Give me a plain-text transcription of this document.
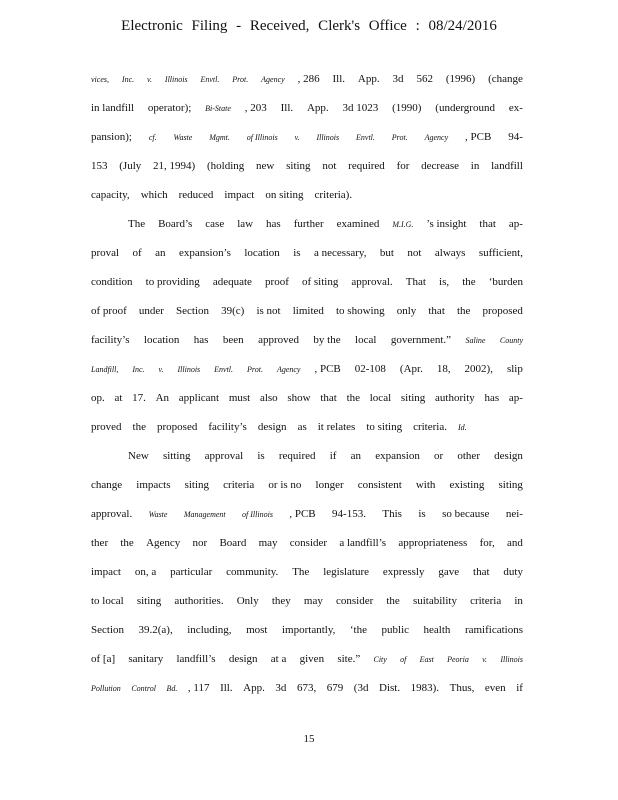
Electronic Filing - Received, Clerk's Office : 08/24/2016
vices, Inc. v. Illinois Envtl. Prot. Agency , 286 Ill. App. 3d 562 (1996) (change
in landfill operator); Bi-State , 203 Ill. App. 3d 1023 (1990) (underground ex-
pansion); cf. Waste Mgmt. of Illinois v. Illinois Envtl. Prot. Agency , PCB 94-
153 (July 21, 1994) (holding new siting not required for decrease in landfill
capacity, which reduced impact on siting criteria).
The Board’s case law has further examined M.I.G. ’s insight that ap-
proval of an expansion’s location is a necessary, but not always sufficient,
condition to providing adequate proof of siting approval. That is, the ‘burden
of proof under Section 39(c) is not limited to showing only that the proposed
facility’s location has been approved by the local government.” Saline County
Landfill, Inc. v. Illinois Envtl. Prot. Agency , PCB 02-108 (Apr. 18, 2002), slip
op. at 17. An applicant must also show that the local siting authority has ap-
proved the proposed facility’s design as it relates to siting criteria. Id.
New sitting approval is required if an expansion or other design
change impacts siting criteria or is no longer consistent with existing siting
approval. Waste Management of Illinois , PCB 94-153. This is so because nei-
ther the Agency nor Board may consider a landfill’s appropriateness for, and
impact on, a particular community. The legislature expressly gave that duty
to local siting authorities. Only they may consider the suitability criteria in
Section 39.2(a), including, most importantly, ‘the public health ramifications
of [a] sanitary landfill’s design at a given site.” City of East Peoria v. Illinois
Pollution Control Bd. , 117 Ill. App. 3d 673, 679 (3d Dist. 1983). Thus, even if
15
